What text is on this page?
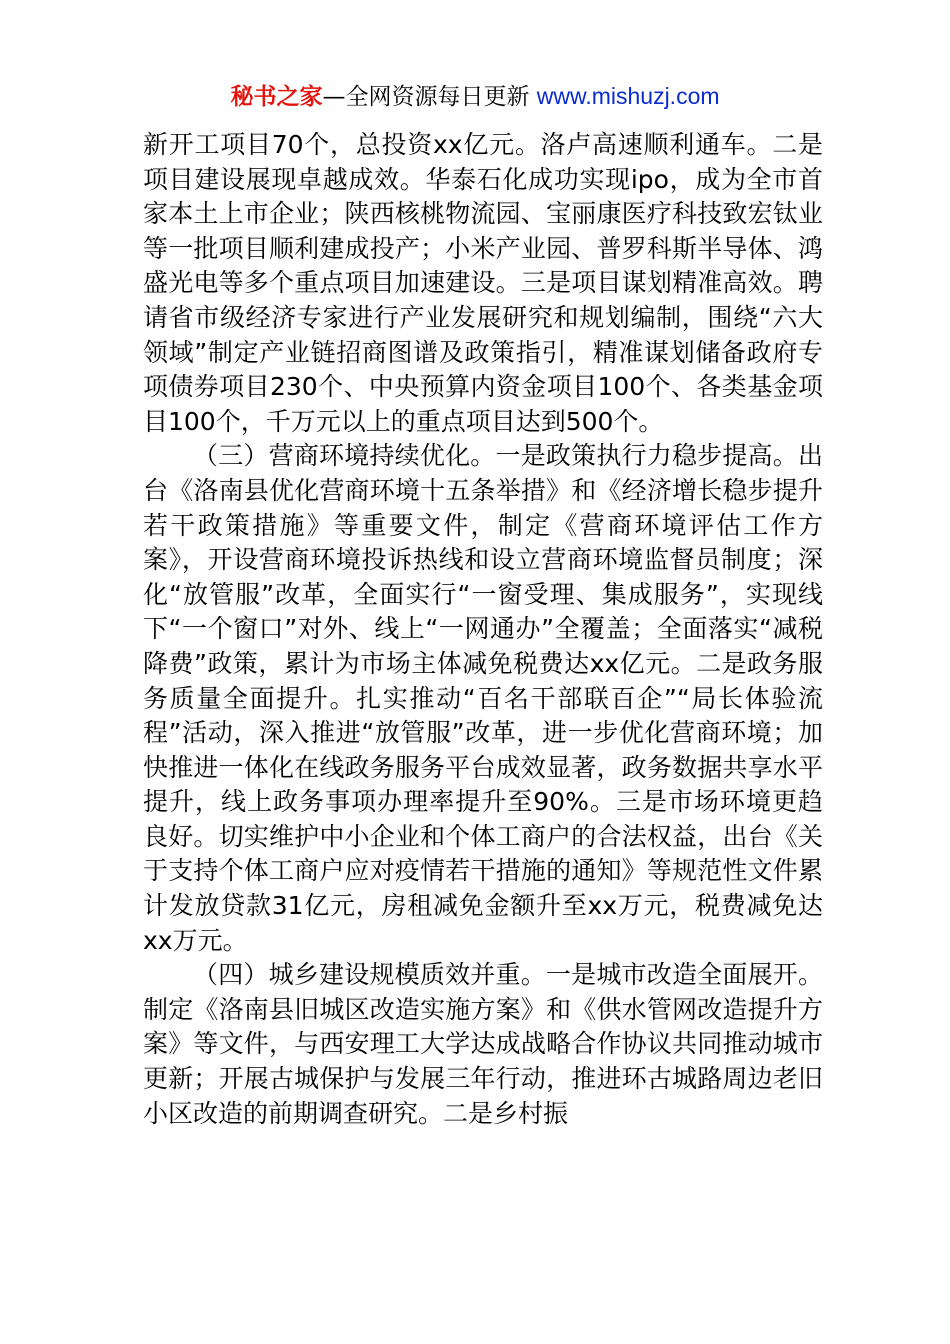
秘书之家—全网资源每日更新 www.mishuzj.com

新开工项目70个，总投资xx亿元。洛卢高速顺利通车。二是项目建设展现卓越成效。华泰石化成功实现ipo，成为全市首家本土上市企业；陕西核桃物流园、宝丽康医疗科技致宏钛业等一批项目顺利建成投产；小米产业园、普罗科斯半导体、鸿盛光电等多个重点项目加速建设。三是项目谋划精准高效。聘请省市级经济专家进行产业发展研究和规划编制，围绕“六大领域”制定产业链招商图谱及政策指引，精准谋划储备政府专项债券项目230个、中央预算内资金项目100个、各类基金项目100个，千万元以上的重点项目达到500个。

（三）营商环境持续优化。一是政策执行力稳步提高。出台《洛南县优化营商环境十五条举措》和《经济增长稳步提升若干政策措施》等重要文件，制定《营商环境评估工作方案》，开设营商环境投诉热线和设立营商环境监督员制度；深化“放管服”改革，全面实行“一窗受理、集成服务”，实现线下“一个窗口”对外、线上“一网通办”全覆盖；全面落实“减税降费”政策，累计为市场主体减免税费达xx亿元。二是政务服务质量全面提升。扎实推动“百名干部联百企”“局长体验流程”活动，深入推进“放管服”改革，进一步优化营商环境；加快推进一体化在线政务服务平台成效显著，政务数据共享水平提升，线上政务事项办理率提升至90%。三是市场环境更趋良好。切实维护中小企业和个体工商户的合法权益，出台《关于支持个体工商户应对疫情若干措施的通知》等规范性文件累计发放贷款31亿元，房租减免金额升至xx万元，税费减免达xx万元。

（四）城乡建设规模质效并重。一是城市改造全面展开。制定《洛南县旧城区改造实施方案》和《供水管网改造提升方案》等文件，与西安理工大学达成战略合作协议共同推动城市更新；开展古城保护与发展三年行动，推进环古城路周边老旧小区改造的前期调查研究。二是乡村振
